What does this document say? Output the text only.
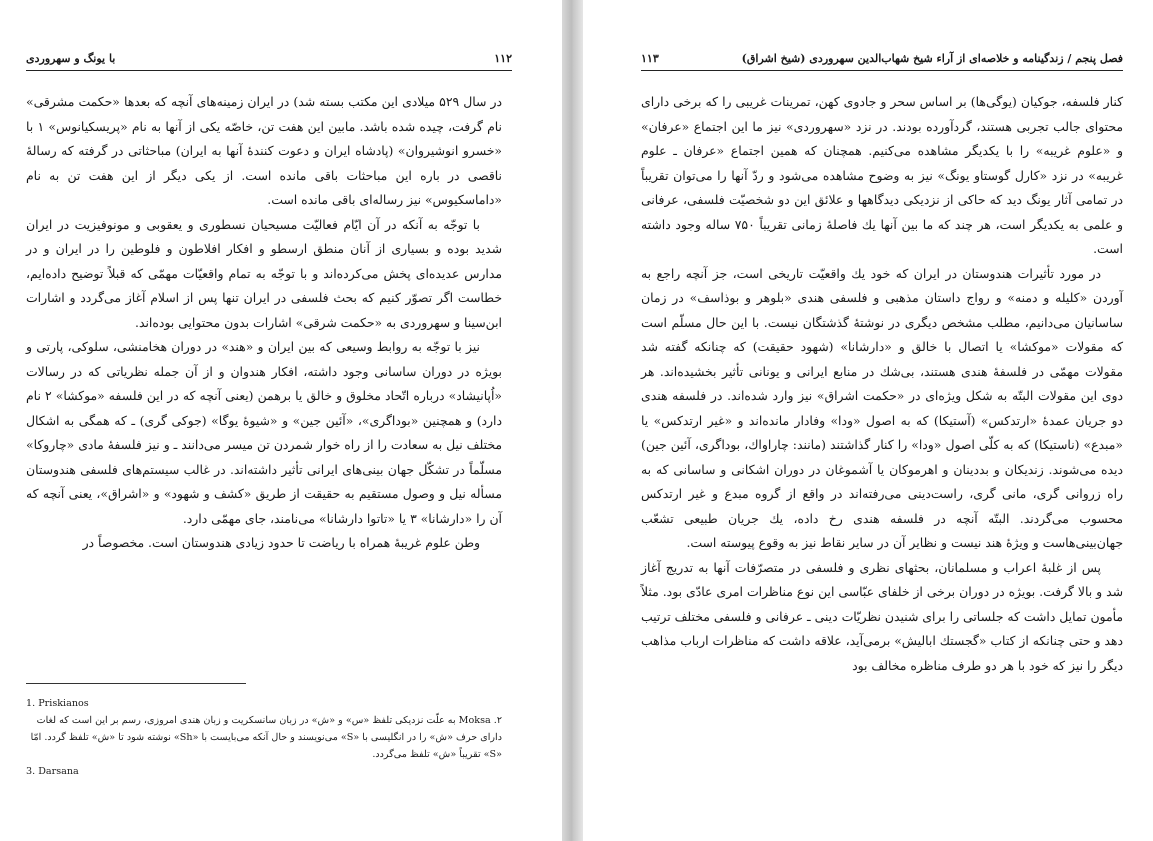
با یونگ و سهروردی	۱۱۲

در سال ۵۲۹ میلادی این مکتب بسته شد) در ایران زمینه‌های آنچه که بعدها «حکمت مشرقی» نام گرفت، چیده شده باشد. مابین این هفت تن، خاصّه یکی از آنها به نام «پریسکیانوس» ۱ با «خسرو انوشیروان» (پادشاه ایران و دعوت کنندهٔ آنها به ایران) مباحثاتی در گرفته که رسالهٔ ناقصی در باره این مباحثات باقی مانده است. از یکی دیگر از این هفت تن به نام «داماسکیوس» نیز رساله‌ای باقی مانده است.

با توجّه به آنکه در آن ایّام فعالیّت مسیحیان نسطوری و یعقوبی و مونوفیزیت در ایران شدید بوده و بسیاری از آنان منطق ارسطو و افکار افلاطون و فلوطین را در ایران و در مدارس عدیده‌ای پخش می‌کرده‌اند و با توجّه به تمام واقعیّات مهمّی که قبلاً توضیح داده‌ایم، خطاست اگر تصوّر کنیم که بحث فلسفی در ایران تنها پس از اسلام آغاز می‌گردد و اشارات ابن‌سینا و سهروردی به «حکمت شرقی» اشارات بدون محتوایی بوده‌اند.

نیز با توجّه به روابط وسیعی که بین ایران و «هند» در دوران هخامنشی، سلوکی، پارتی و بویژه در دوران ساسانی وجود داشته، افکار هندوان و از آن جمله نظریاتی که در رسالات «اُپانیشاد» درباره اتّحاد مخلوق و خالق یا برهمن (یعنی آنچه که در این فلسفه «موکشا» ۲ نام دارد) و همچنین «بوداگری»، «آئین جین» و «شیوهٔ یوگا» (جوکی گری) ـ که همگی به اشکال مختلف نیل به سعادت را از راه خوار شمردن تن میسر می‌دانند ـ و نیز فلسفهٔ مادی «چاروکا» مسلّماً در تشکّل جهان بینی‌های ایرانی تأثیر داشته‌اند. در غالب سیستم‌های فلسفی هندوستان مسأله نیل و وصول مستقیم به حقیقت از طریق «کشف و شهود» و «اشراق»، یعنی آنچه که آن را «دارشانا» ۳ یا «تاتوا دارشانا» می‌نامند، جای مهمّی دارد.

وطن علوم غریبهٔ همراه با ریاضت تا حدود زیادی هندوستان است. مخصوصاً در

1. Priskianos
۲. Moksa به علّت نزدیکی تلفظ «س» و «ش» در زبان سانسکریت و زبان هندی امروزی، رسم بر این است که لغات دارای حرف «ش» را در انگلیسی با «S» می‌نویسند و حال آنکه می‌بایست با «Sh» نوشته شود تا «ش» تلفظ گردد. امّا «S» تقریباً «ش» تلفظ می‌گردد.
3. Darsana
۱۱۳	فصل پنجم / زندگینامه و خلاصه‌ای از آراء شیخ شهاب‌الدین سهروردی (شیخ اشراق)

کنار فلسفه، جوکیان (یوگی‌ها) بر اساس سحر و جادوی کهن، تمرینات غریبی را که برخی دارای محتوای جالب تجربی هستند، گردآورده بودند. در نزد «سهروردی» نیز ما این اجتماع «عرفان» و «علوم غریبه» را با یکدیگر مشاهده می‌کنیم. همچنان که همین اجتماع «عرفان ـ علوم غریبه» در نزد «کارل گوستاو یونگ» نیز به وضوح مشاهده می‌شود و ردّ آنها را می‌توان تقریباً در تمامی آثار یونگ دید که حاکی از نزدیکی دیدگاهها و علائق این دو شخصیّت فلسفی، عرفانی و علمی به یکدیگر است، هر چند که ما بین آنها یك فاصلهٔ زمانی تقریباً ۷۵۰ ساله وجود داشته است.

در مورد تأثیرات هندوستان در ایران که خود یك واقعیّت تاریخی است، جز آنچه راجع به آوردن «کلیله و دمنه» و رواج داستان مذهبی و فلسفی هندی «بلوهر و بوذاسف» در زمان ساسانیان می‌دانیم، مطلب مشخص دیگری در نوشتهٔ گذشتگان نیست. با این حال مسلّم است که مقولات «موکشا» یا اتصال با خالق و «دارشانا» (شهود حقیقت) که چنانکه گفته شد مقولات مهمّی در فلسفهٔ هندی هستند، بی‌شك در منابع ایرانی و یونانی تأثیر بخشیده‌اند. هر دوی این مقولات البتّه به شکل ویژه‌ای در «حکمت اشراق» نیز وارد شده‌اند. در فلسفه هندی دو جریان عمدهٔ «ارتدکس» (آستیکا) که به اصول «ودا» وفادار مانده‌اند و «غیر ارتدکس» یا «مبدع» (ناستیکا) که به کلّی اصول «ودا» را کنار گذاشتند (مانند: چاراواك، بوداگری، آئین جین) دیده می‌شوند. زندیکان و بددینان و اهرموکان یا آشموغان در دوران اشکانی و ساسانی که به راه زروانی گری، مانی گری، راست‌دینی می‌رفته‌اند در واقع از گروه مبدع و غیر ارتدکس محسوب می‌گردند. البتّه آنچه در فلسفه هندی رخ داده، یك جریان طبیعی تشعّب جهان‌بینی‌هاست و ویژهٔ هند نیست و نظایر آن در سایر نقاط نیز به وقوع پیوسته است.

پس از غلبهٔ اعراب و مسلمانان، بحثهای نظری و فلسفی در متصرّفات آنها به تدریج آغاز شد و بالا گرفت. بویژه در دوران برخی از خلفای عبّاسی این نوع مناظرات امری عادّی بود. مثلاً مأمون تمایل داشت که جلساتی را برای شنیدن نظریّات دینی ـ عرفانی و فلسفی مختلف ترتیب دهد و حتی چنانکه از کتاب «گجستك ابالیش» برمی‌آید، علاقه داشت که مناظرات ارباب مذاهب دیگر را نیز که خود با هر دو طرف مناظره مخالف بود
